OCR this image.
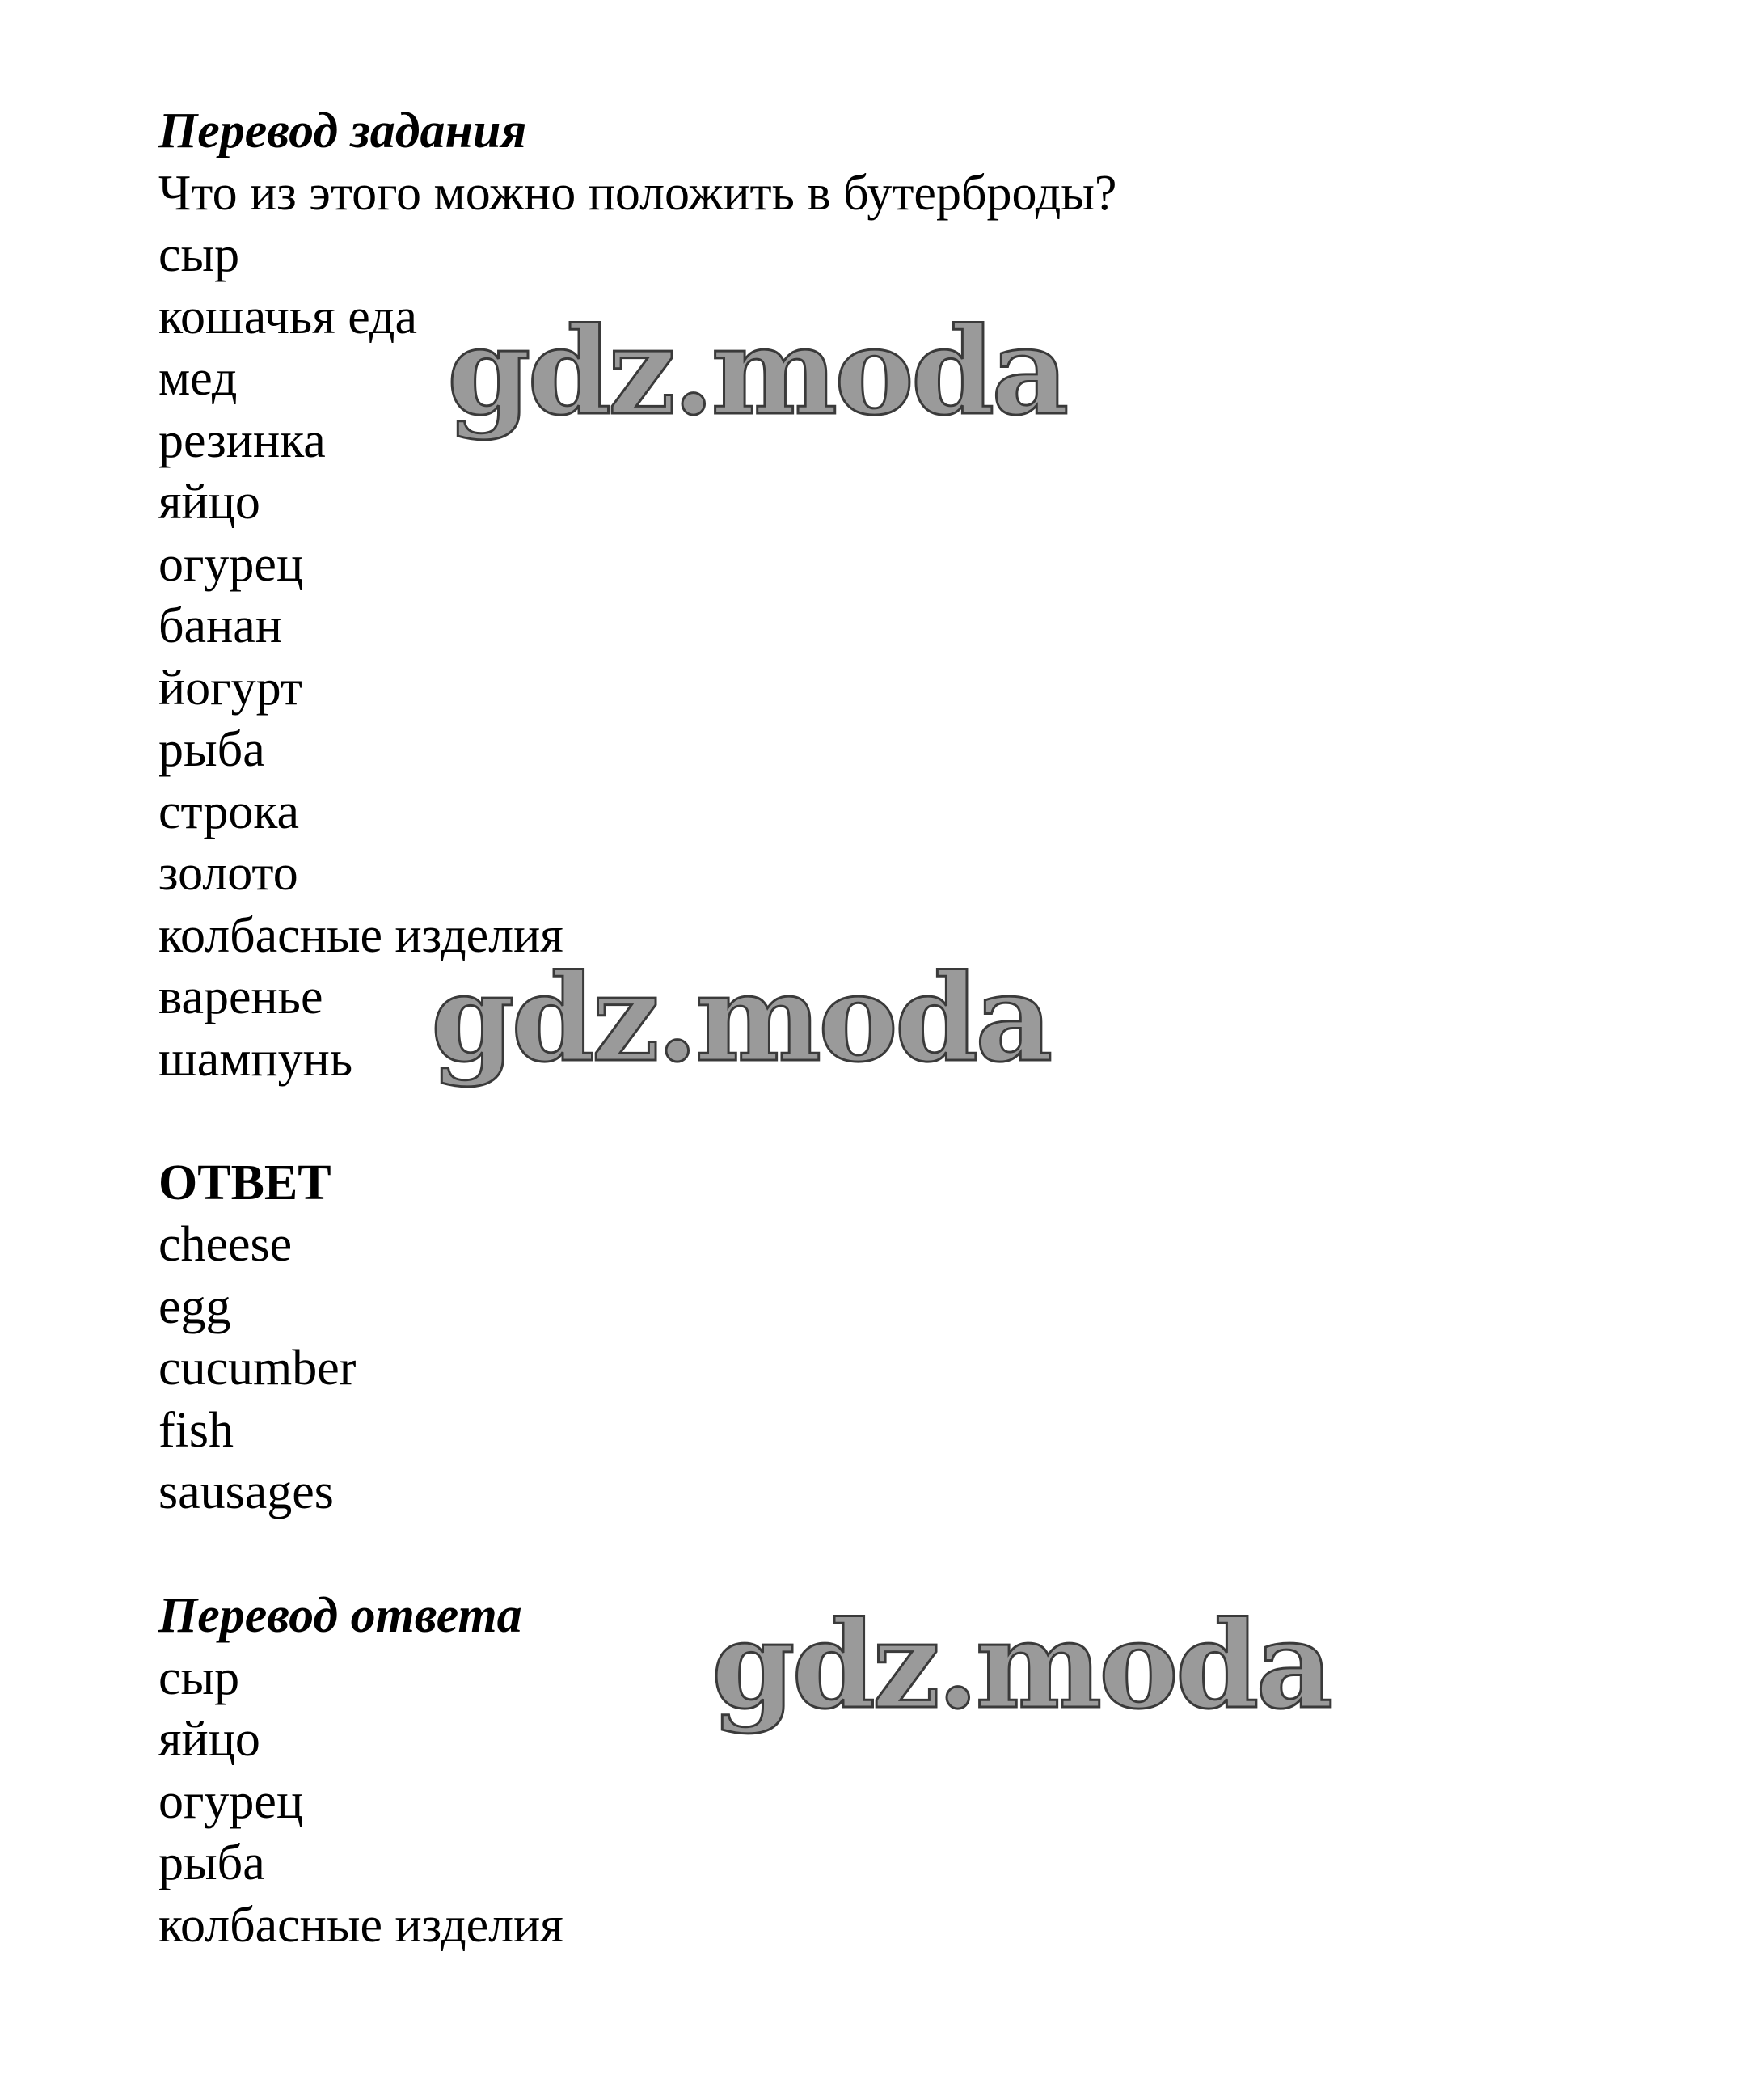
Перевод задания
Что из этого можно положить в бутерброды?
сыр
кошачья еда
мед
резинка
яйцо
огурец
банан
йогурт
рыба
строка
золото
колбасные изделия
варенье
шампунь
ОТВЕТ
cheese
egg
cucumber
fish
sausages
Перевод ответа
сыр
яйцо
огурец
рыба
колбасные изделия
gdz.moda
gdz.moda
gdz.moda
